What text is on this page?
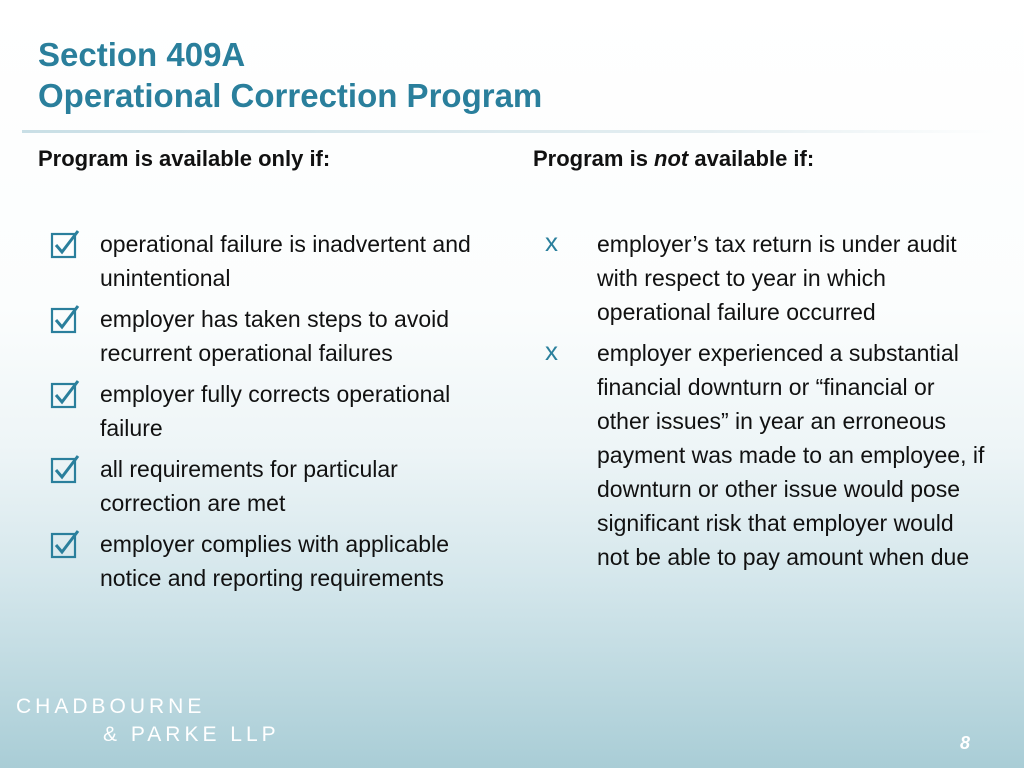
Section 409A
Operational Correction Program
Program is available only if:	Program is not available if:
operational failure is inadvertent and unintentional
employer has taken steps to avoid recurrent operational failures
employer fully corrects operational failure
all requirements for particular correction are met
employer complies with applicable notice and reporting requirements
x employer’s tax return is under audit with respect to year in which operational failure occurred
x employer experienced a substantial financial downturn or “financial or other issues” in year an erroneous payment was made to an employee, if downturn or other issue would pose significant risk that employer would not be able to pay amount when due
CHADBOURNE
& PARKE LLP	8
